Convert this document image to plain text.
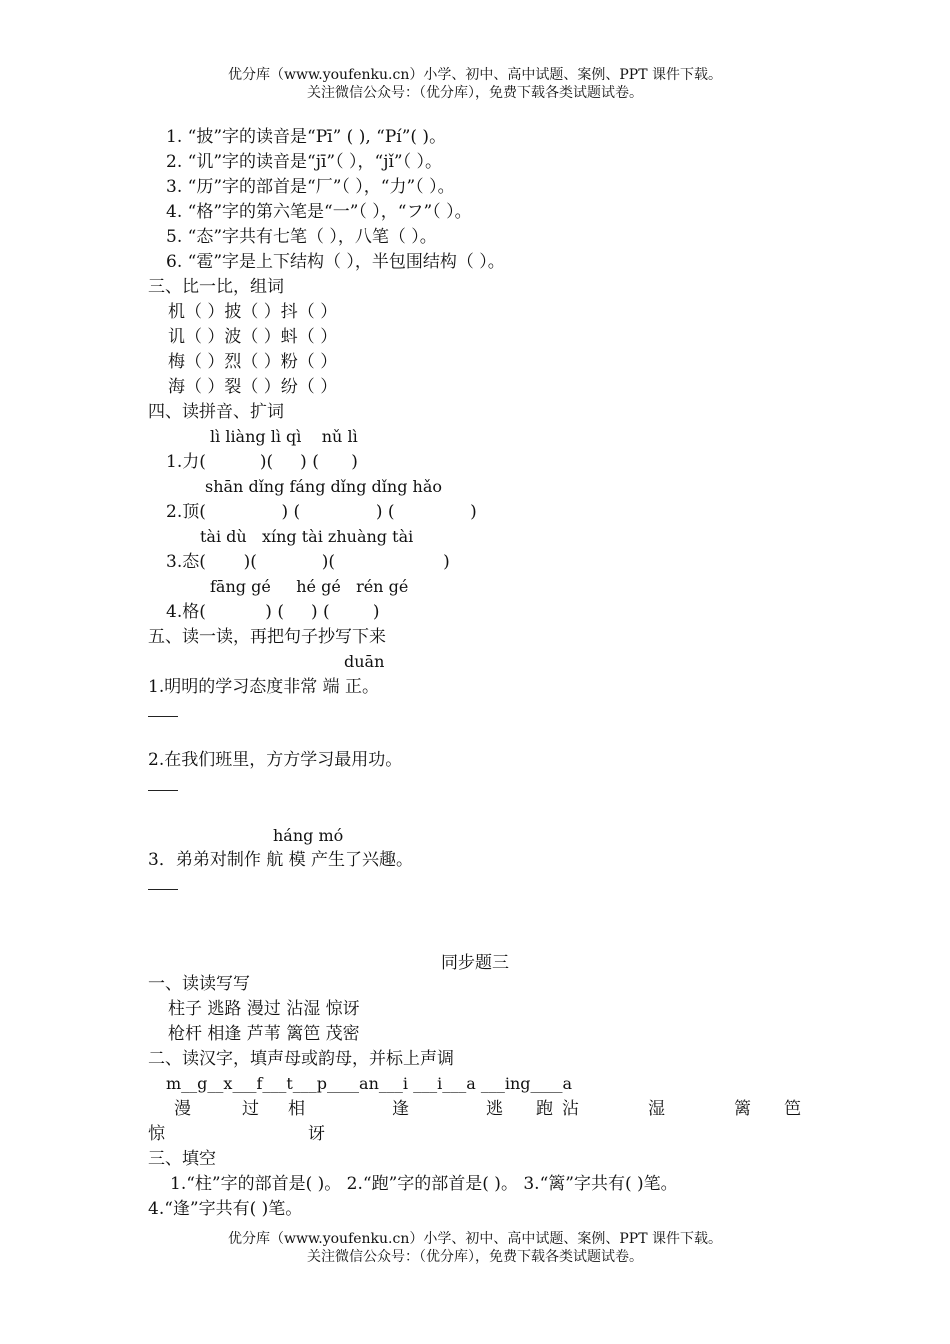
优分库（www.youfenku.cn）小学、初中、高中试题、案例、PPT 课件下载。
关注微信公众号：（优分库），免费下载各类试题试卷。
1. “披”字的读音是“Pī” ( ), “Pí”( )。
2. “讥”字的读音是“jī”（ ），“jǐ”（ ）。
3. “历”字的部首是“厂”（ ），“力”（ ）。
4. “格”字的第六笔是“一”（ ），“フ”（ ）。
5. “态”字共有七笔（ ），八笔（ ）。
6. “雹”字是上下结构（ ），半包围结构（ ）。
三、比一比，组词
机（ ）披（ ）抖（ ）
讥（ ）波（ ）蚪（ ）
梅（ ）烈（ ）粉（ ）
海（ ）裂（ ）纷（ ）
四、读拼音、扩词
lì liàng lì qì    nǔ lì
1.力(          )(     ) (      )
shān dǐng fáng dǐng dǐng hǎo
2.顶(              ) (              ) (              )
tài dù   xíng tài zhuàng tài
3.态(       )(            )(                    )
fāng gé     hé gé   rén gé
4.格(           ) (     ) (        )
五、读一读，再把句子抄写下来
duān
1.明明的学习态度非常 端 正。
2.在我们班里，方方学习最用功。
háng mó
3．弟弟对制作 航 模 产生了兴趣。
同步题三
一、读读写写
柱子 逃路 漫过 沾湿 惊讶
枪杆 相逢 芦苇 篱笆 茂密
二、读汉字，填声母或韵母，并标上声调
m__g__x___f___t___p____an___i ___i___a ___ing____a
漫	过 相	逢	逃 跑 沾	湿	篱 笆
惊	讶
三、填空
1.“柱”字的部首是( )。 2.“跑”字的部首是( )。 3.“篱”字共有( )笔。
4.“逢”字共有( )笔。
优分库（www.youfenku.cn）小学、初中、高中试题、案例、PPT 课件下载。
关注微信公众号：（优分库），免费下载各类试题试卷。
